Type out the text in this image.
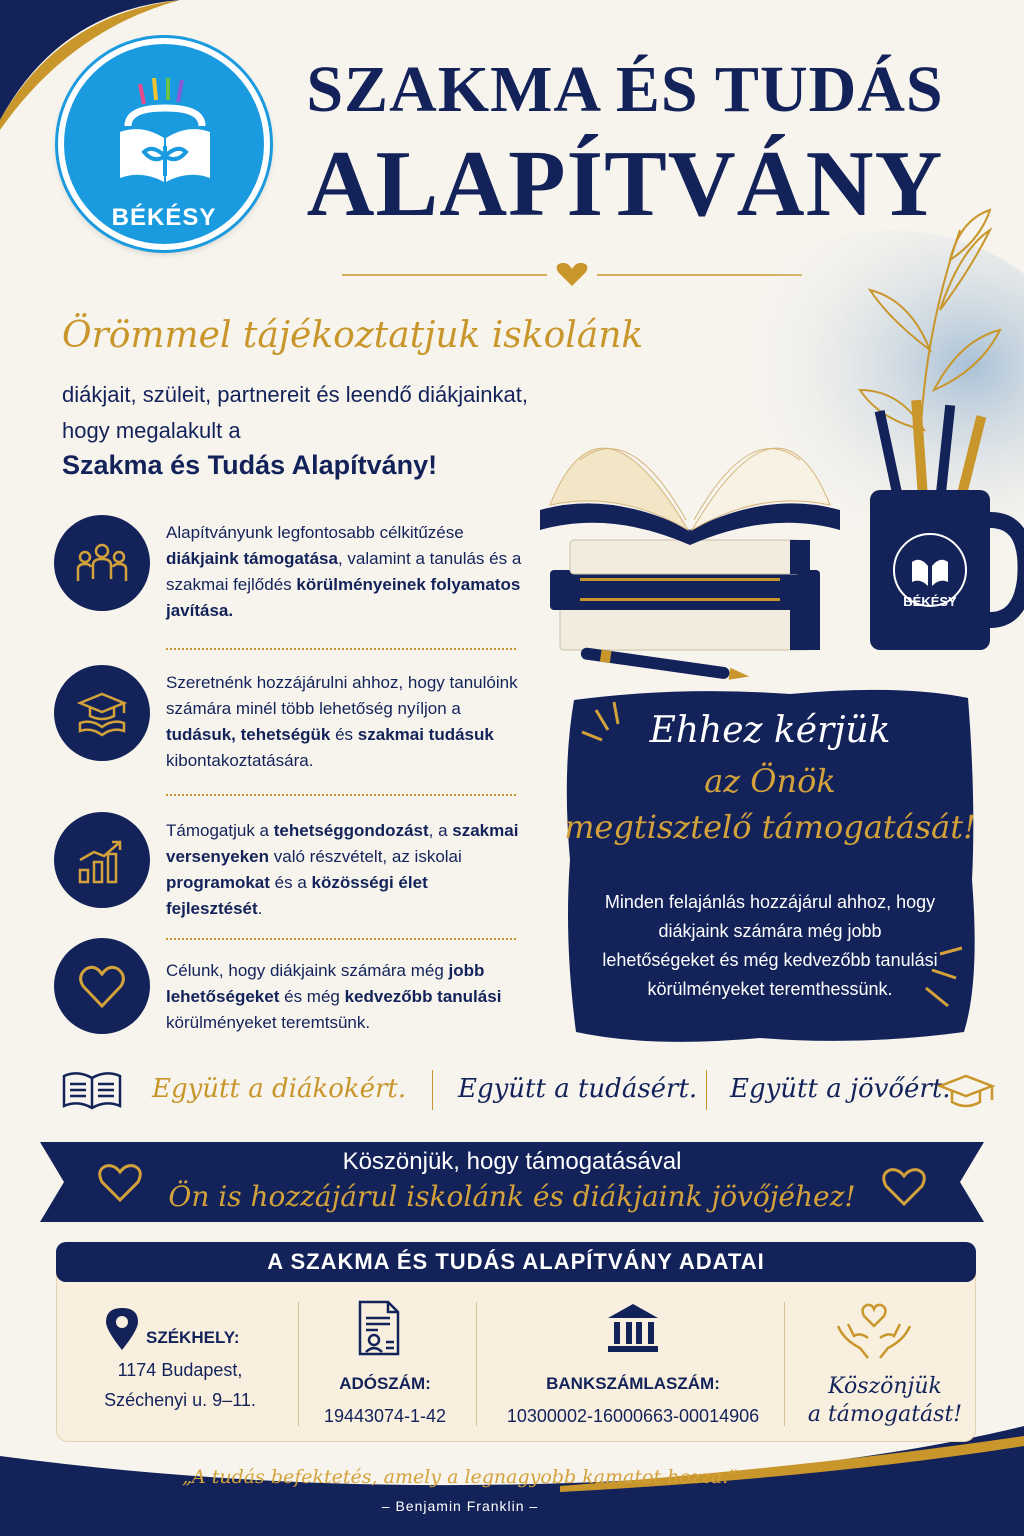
BÉKÉSY
SZAKMA ÉS TUDÁS
ALAPÍTVÁNY
BÉKÉSY
Örömmel tájékoztatjuk iskolánk
diákjait, szüleit, partnereit és leendő diákjainkat,
hogy megalakult a
Szakma és Tudás Alapítvány!
Alapítványunk legfontosabb célkitűzése diákjaink támogatása, valamint a tanulás és a szakmai fejlődés körülményeinek folyamatos javítása.
Szeretnénk hozzájárulni ahhoz, hogy tanulóink számára minél több lehetőség nyíljon a tudásuk, tehetségük és szakmai tudásuk kibontakoztatására.
Támogatjuk a tehetséggondozást, a szakmai versenyeken való részvételt, az iskolai programokat és a közösségi élet fejlesztését.
Célunk, hogy diákjaink számára még jobb lehetőségeket és még kedvezőbb tanulási körülményeket teremtsünk.
Ehhez kérjük
az Önök
megtisztelő támogatását!
Minden felajánlás hozzájárul ahhoz, hogy diákjaink számára még jobb lehetőségeket és még kedvezőbb tanulási körülményeket teremthessünk.
Együtt a diákokért. Együtt a tudásért. Együtt a jövőért.
Köszönjük, hogy támogatásával
Ön is hozzájárul iskolánk és diákjaink jövőjéhez!
A SZAKMA ÉS TUDÁS ALAPÍTVÁNY ADATAI
SZÉKHELY:
1174 Budapest,
Széchenyi u. 9–11.
ADÓSZÁM:
19443074-1-42
BANKSZÁMLASZÁM:
10300002-16000663-00014906
Köszönjük
a támogatást!
„A tudás befektetés, amely a legnagyobb kamatot hozza.”
– Benjamin Franklin –
